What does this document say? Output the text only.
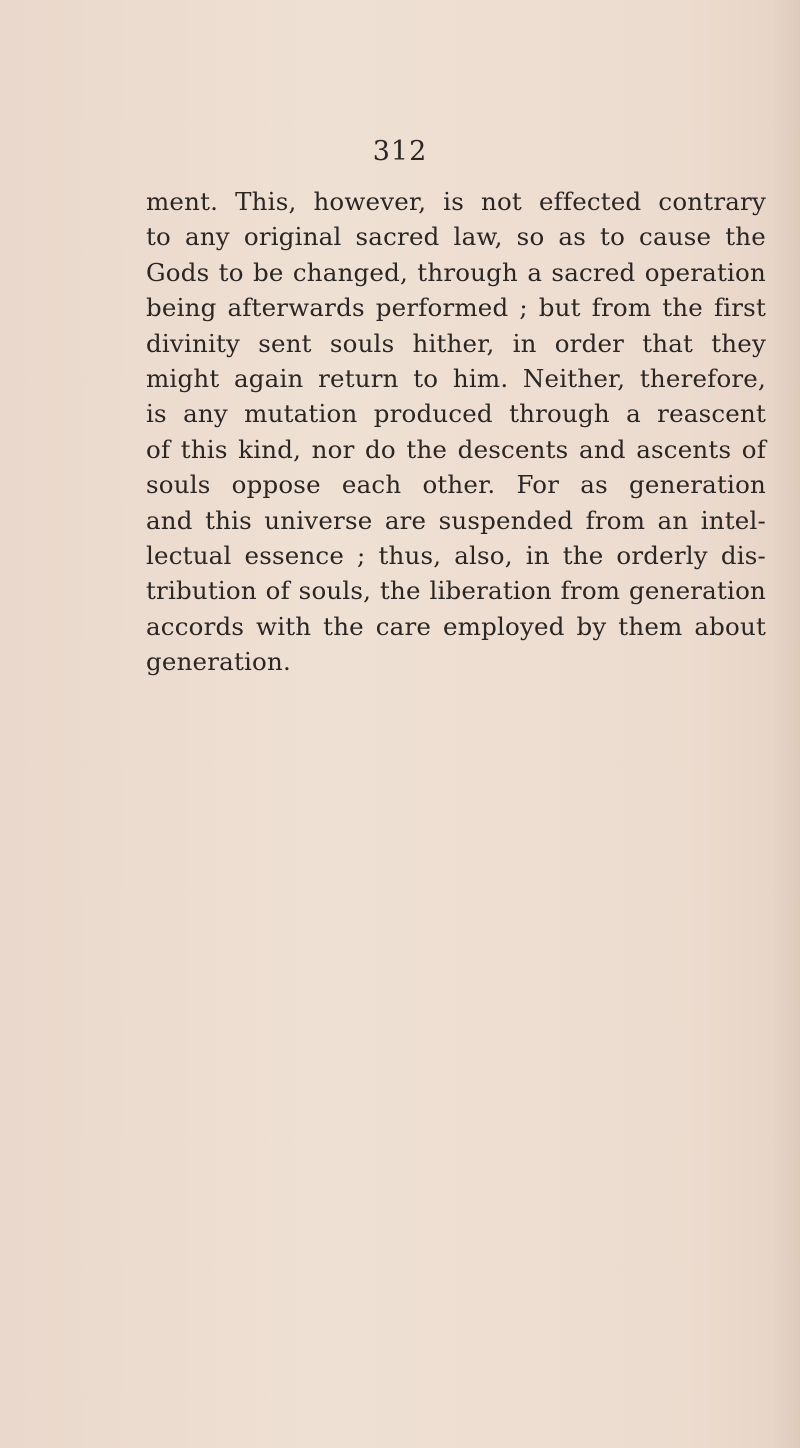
312
ment. This, however, is not effected contrary
to any original sacred law, so as to cause the
Gods to be changed, through a sacred operation
being afterwards performed ; but from the first
divinity sent souls hither, in order that they
might again return to him. Neither, therefore,
is any mutation produced through a reascent
of this kind, nor do the descents and ascents of
souls oppose each other. For as generation
and this universe are suspended from an intel-
lectual essence ; thus, also, in the orderly dis-
tribution of souls, the liberation from generation
accords with the care employed by them about
generation.
